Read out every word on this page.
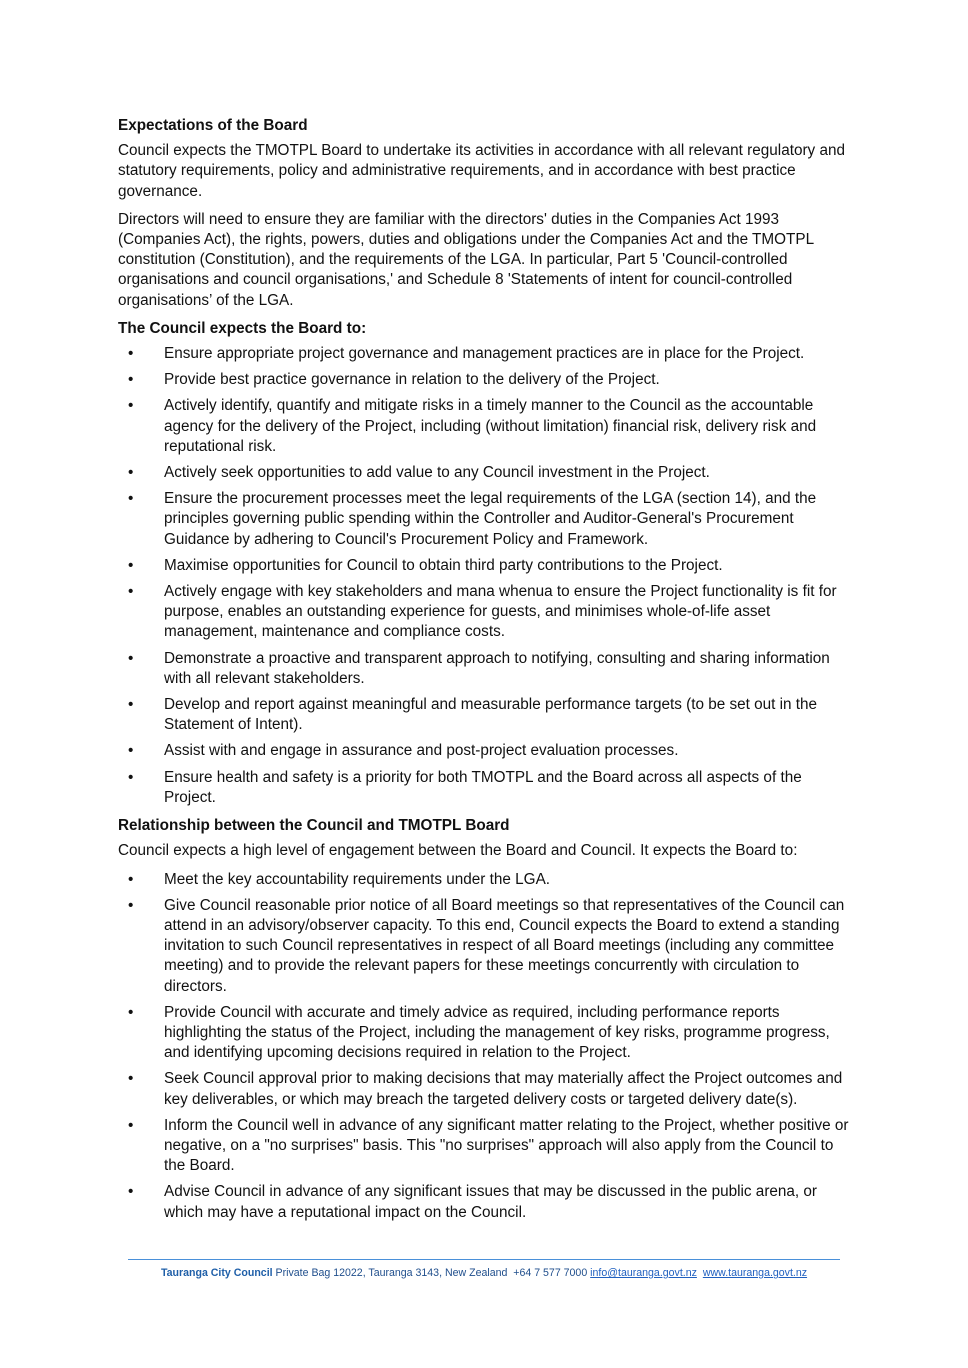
Expectations of the Board

Council expects the TMOTPL Board to undertake its activities in accordance with all relevant regulatory and statutory requirements, policy and administrative requirements, and in accordance with best practice governance.

Directors will need to ensure they are familiar with the directors' duties in the Companies Act 1993 (Companies Act), the rights, powers, duties and obligations under the Companies Act and the TMOTPL constitution (Constitution), and the requirements of the LGA. In particular, Part 5 'Council-controlled organisations and council organisations,' and Schedule 8 'Statements of intent for council-controlled organisations’ of the LGA.

The Council expects the Board to:
• Ensure appropriate project governance and management practices are in place for the Project.
• Provide best practice governance in relation to the delivery of the Project.
• Actively identify, quantify and mitigate risks in a timely manner to the Council as the accountable agency for the delivery of the Project, including (without limitation) financial risk, delivery risk and reputational risk.
• Actively seek opportunities to add value to any Council investment in the Project.
• Ensure the procurement processes meet the legal requirements of the LGA (section 14), and the principles governing public spending within the Controller and Auditor-General's Procurement Guidance by adhering to Council's Procurement Policy and Framework.
• Maximise opportunities for Council to obtain third party contributions to the Project.
• Actively engage with key stakeholders and mana whenua to ensure the Project functionality is fit for purpose, enables an outstanding experience for guests, and minimises whole-of-life asset management, maintenance and compliance costs.
• Demonstrate a proactive and transparent approach to notifying, consulting and sharing information with all relevant stakeholders.
• Develop and report against meaningful and measurable performance targets (to be set out in the Statement of Intent).
• Assist with and engage in assurance and post-project evaluation processes.
• Ensure health and safety is a priority for both TMOTPL and the Board across all aspects of the Project.
Relationship between the Council and TMOTPL Board

Council expects a high level of engagement between the Board and Council. It expects the Board to:

• Meet the key accountability requirements under the LGA.
• Give Council reasonable prior notice of all Board meetings so that representatives of the Council can attend in an advisory/observer capacity. To this end, Council expects the Board to extend a standing invitation to such Council representatives in respect of all Board meetings (including any committee meeting) and to provide the relevant papers for these meetings concurrently with circulation to directors.
• Provide Council with accurate and timely advice as required, including performance reports highlighting the status of the Project, including the management of key risks, programme progress, and identifying upcoming decisions required in relation to the Project.
• Seek Council approval prior to making decisions that may materially affect the Project outcomes and key deliverables, or which may breach the targeted delivery costs or targeted delivery date(s).
• Inform the Council well in advance of any significant matter relating to the Project, whether positive or negative, on a "no surprises" basis. This "no surprises" approach will also apply from the Council to the Board.
• Advise Council in advance of any significant issues that may be discussed in the public arena, or which may have a reputational impact on the Council.
Tauranga City Council Private Bag 12022, Tauranga 3143, New Zealand +64 7 577 7000 info@tauranga.govt.nz www.tauranga.govt.nz
